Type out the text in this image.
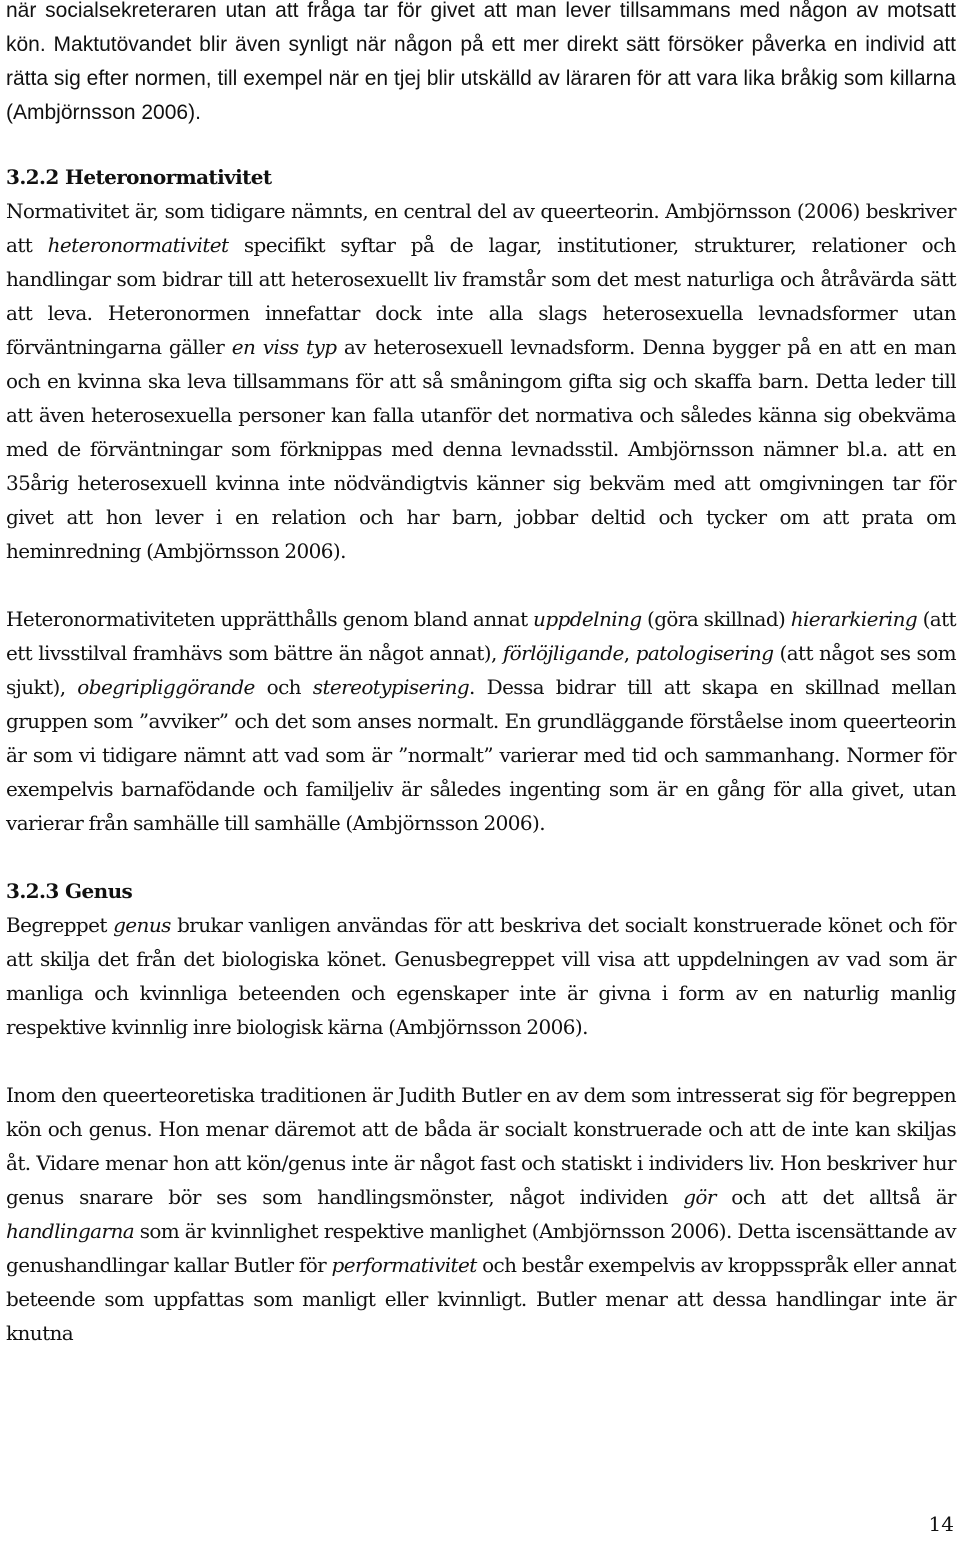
när socialsekreteraren utan att fråga tar för givet att man lever tillsammans med någon av motsatt kön. Maktutövandet blir även synligt när någon på ett mer direkt sätt försöker påverka en individ att rätta sig efter normen, till exempel när en tjej blir utskälld av läraren för att vara lika bråkig som killarna (Ambjörnsson 2006).

3.2.2 Heteronormativitet

Normativitet är, som tidigare nämnts, en central del av queerteorin. Ambjörnsson (2006) beskriver att heteronormativitet specifikt syftar på de lagar, institutioner, strukturer, relationer och handlingar som bidrar till att heterosexuellt liv framstår som det mest naturliga och åtråvärda sätt att leva. Heteronormen innefattar dock inte alla slags heterosexuella levnadsformer utan förväntningarna gäller en viss typ av heterosexuell levnadsform. Denna bygger på en att en man och en kvinna ska leva tillsammans för att så småningom gifta sig och skaffa barn. Detta leder till att även heterosexuella personer kan falla utanför det normativa och således känna sig obekväma med de förväntningar som förknippas med denna levnadsstil. Ambjörnsson nämner bl.a. att en 35årig heterosexuell kvinna inte nödvändigtvis känner sig bekväm med att omgivningen tar för givet att hon lever i en relation och har barn, jobbar deltid och tycker om att prata om heminredning (Ambjörnsson 2006).

Heteronormativiteten upprätthålls genom bland annat uppdelning (göra skillnad) hierarkiering (att ett livsstilval framhävs som bättre än något annat), förlöjligande, patologisering (att något ses som sjukt), obegripliggörande och stereotypisering. Dessa bidrar till att skapa en skillnad mellan gruppen som ”avviker” och det som anses normalt. En grundläggande förståelse inom queerteorin är som vi tidigare nämnt att vad som är ”normalt” varierar med tid och sammanhang. Normer för exempelvis barnafödande och familjeliv är således ingenting som är en gång för alla givet, utan varierar från samhälle till samhälle (Ambjörnsson 2006).

3.2.3 Genus

Begreppet genus brukar vanligen användas för att beskriva det socialt konstruerade könet och för att skilja det från det biologiska könet. Genusbegreppet vill visa att uppdelningen av vad som är manliga och kvinnliga beteenden och egenskaper inte är givna i form av en naturlig manlig respektive kvinnlig inre biologisk kärna (Ambjörnsson 2006).

Inom den queerteoretiska traditionen är Judith Butler en av dem som intresserat sig för begreppen kön och genus. Hon menar däremot att de båda är socialt konstruerade och att de inte kan skiljas åt. Vidare menar hon att kön/genus inte är något fast och statiskt i individers liv. Hon beskriver hur genus snarare bör ses som handlingsmönster, något individen gör och att det alltså är handlingarna som är kvinnlighet respektive manlighet (Ambjörnsson 2006). Detta iscensättande av genushandlingar kallar Butler för performativitet och består exempelvis av kroppsspråk eller annat beteende som uppfattas som manligt eller kvinnligt. Butler menar att dessa handlingar inte är knutna

14
